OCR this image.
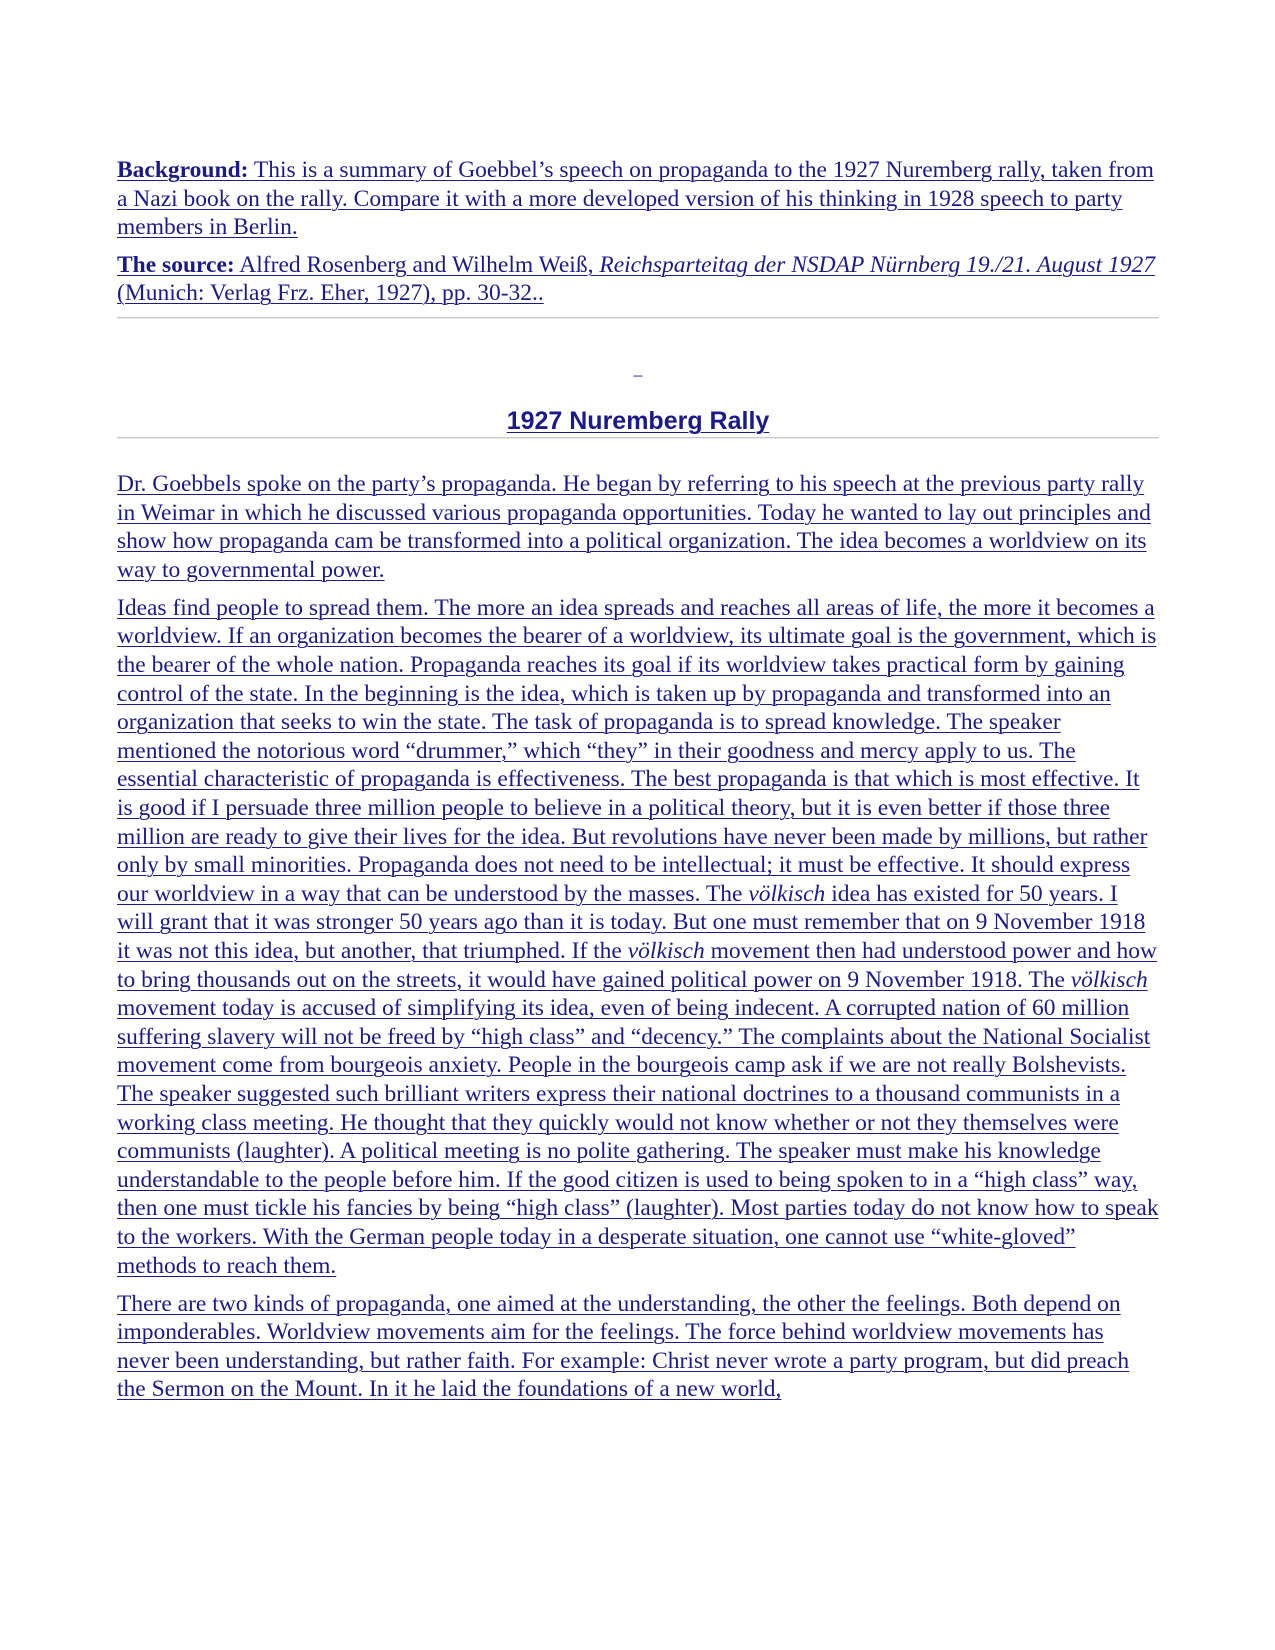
Background: This is a summary of Goebbel’s speech on propaganda to the 1927 Nuremberg rally, taken from a Nazi book on the rally. Compare it with a more developed version of his thinking in 1928 speech to party members in Berlin.

The source: Alfred Rosenberg and Wilhelm Weiß, Reichsparteitag der NSDAP Nürnberg 19./21. August 1927 (Munich: Verlag Frz. Eher, 1927), pp. 30-32..

_
1927 Nuremberg Rally

Dr. Goebbels spoke on the party’s propaganda. He began by referring to his speech at the previous party rally in Weimar in which he discussed various propaganda opportunities. Today he wanted to lay out principles and show how propaganda cam be transformed into a political organization. The idea becomes a worldview on its way to governmental power.

Ideas find people to spread them. The more an idea spreads and reaches all areas of life, the more it becomes a worldview. If an organization becomes the bearer of a worldview, its ultimate goal is the government, which is the bearer of the whole nation. Propaganda reaches its goal if its worldview takes practical form by gaining control of the state. In the beginning is the idea, which is taken up by propaganda and transformed into an organization that seeks to win the state. The task of propaganda is to spread knowledge. The speaker mentioned the notorious word “drummer,” which “they” in their goodness and mercy apply to us. The essential characteristic of propaganda is effectiveness. The best propaganda is that which is most effective. It is good if I persuade three million people to believe in a political theory, but it is even better if those three million are ready to give their lives for the idea. But revolutions have never been made by millions, but rather only by small minorities. Propaganda does not need to be intellectual; it must be effective. It should express our worldview in a way that can be understood by the masses. The völkisch idea has existed for 50 years. I will grant that it was stronger 50 years ago than it is today. But one must remember that on 9 November 1918 it was not this idea, but another, that triumphed. If the völkisch movement then had understood power and how to bring thousands out on the streets, it would have gained political power on 9 November 1918. The völkisch movement today is accused of simplifying its idea, even of being indecent. A corrupted nation of 60 million suffering slavery will not be freed by “high class” and “decency.” The complaints about the National Socialist movement come from bourgeois anxiety. People in the bourgeois camp ask if we are not really Bolshevists. The speaker suggested such brilliant writers express their national doctrines to a thousand communists in a working class meeting. He thought that they quickly would not know whether or not they themselves were communists (laughter). A political meeting is no polite gathering. The speaker must make his knowledge understandable to the people before him. If the good citizen is used to being spoken to in a “high class” way, then one must tickle his fancies by being “high class” (laughter). Most parties today do not know how to speak to the workers. With the German people today in a desperate situation, one cannot use “white-gloved” methods to reach them.

There are two kinds of propaganda, one aimed at the understanding, the other the feelings. Both depend on imponderables. Worldview movements aim for the feelings. The force behind worldview movements has never been understanding, but rather faith. For example: Christ never wrote a party program, but did preach the Sermon on the Mount. In it he laid the foundations of a new world,
